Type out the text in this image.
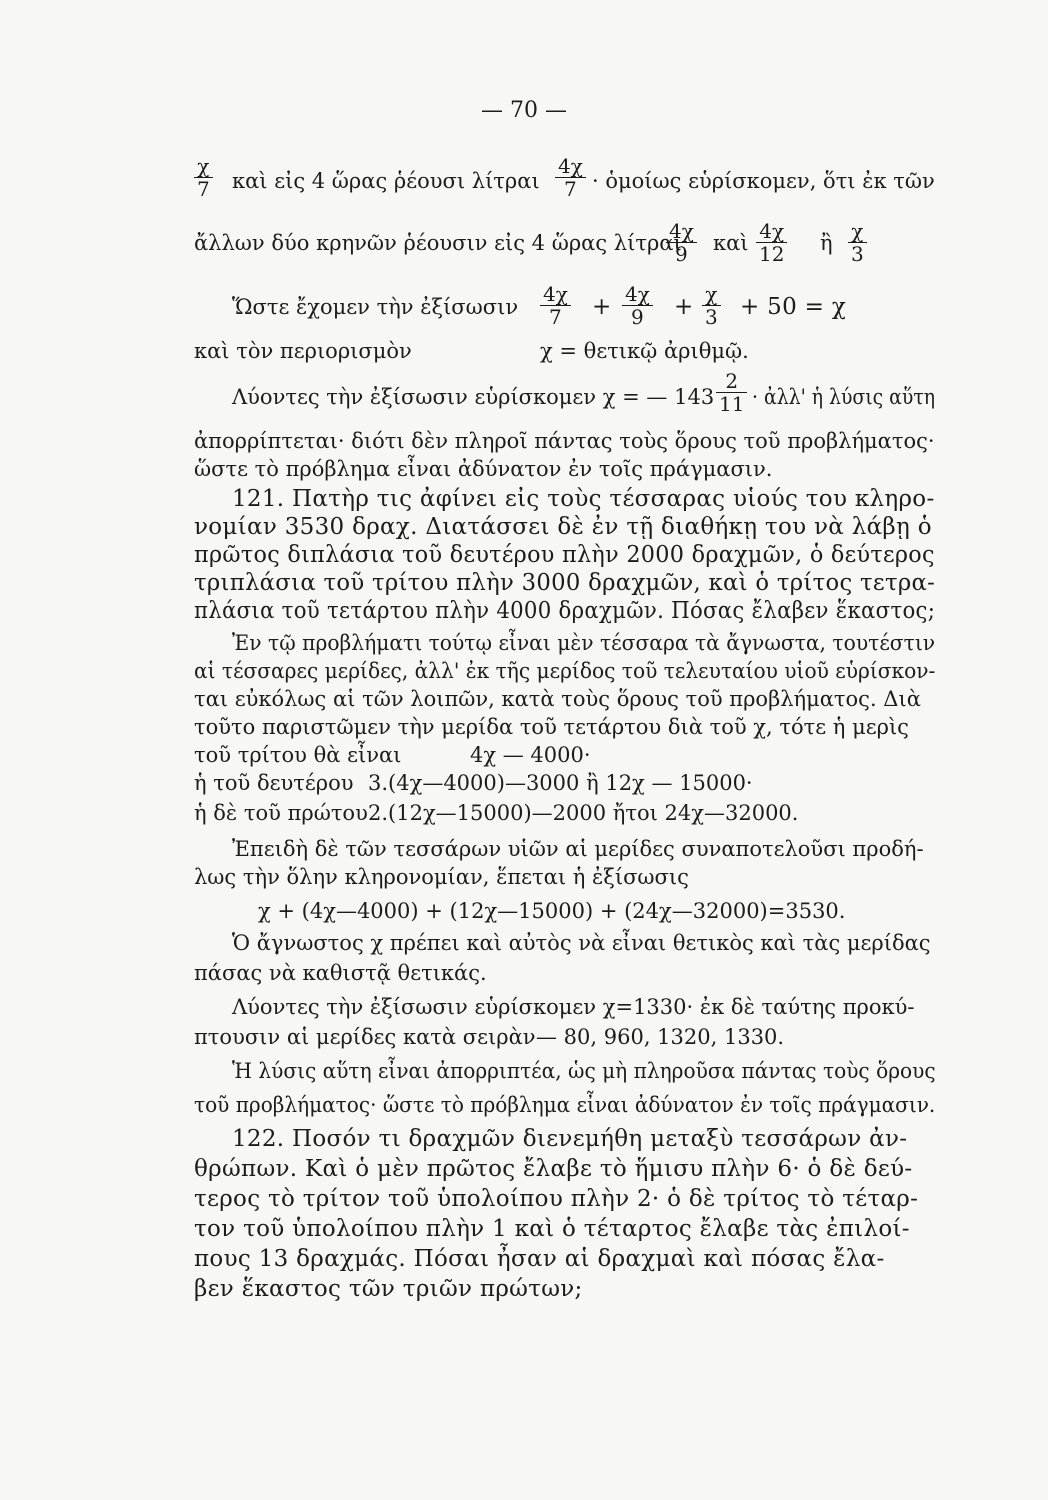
— 70 —
$\frac{\chi}{7}$ καὶ εἰς 4 ὥρας ῥέουσι λίτραι $\frac{4\chi}{7}$ · ὁμοίως εὑρίσκομεν, ὅτι ἐκ τῶν
ἄλλων δύο κρηνῶν ῥέουσιν εἰς 4 ὥρας λίτραι
$\frac{4\chi}{9}$ καὶ $\frac{4\chi}{12}$ ἢ $\frac{\chi}{3}$
Ὥστε ἔχομεν τὴν ἐξίσωσιν $\frac{4\chi}{7} + \frac{4\chi}{9} + \frac{\chi}{3} + 50 = \chi$
καὶ τὸν περιορισμὸν	χ = θετικῷ ἀριθμῷ.
Λύοντες τὴν ἐξίσωσιν εὑρίσκομεν χ = — $143 \frac{2}{11}$ · ἀλλ' ἡ λύσις αὕτη
ἀπορρίπτεται· διότι δὲν πληροῖ πάντας τοὺς ὅρους τοῦ προβλήματος·
ὥστε τὸ πρόβλημα εἶναι ἀδύνατον ἐν τοῖς πράγμασιν.
121. Πατὴρ τις ἀφίνει εἰς τοὺς τέσσαρας υἱούς του κληρο-
νομίαν 3530 δραχ. Διατάσσει δὲ ἐν τῇ διαθήκῃ του νὰ λάβῃ ὁ
πρῶτος διπλάσια τοῦ δευτέρου πλὴν 2000 δραχμῶν, ὁ δεύτερος
τριπλάσια τοῦ τρίτου πλὴν 3000 δραχμῶν, καὶ ὁ τρίτος τετρα-
πλάσια τοῦ τετάρτου πλὴν 4000 δραχμῶν. Πόσας ἔλαβεν ἕκαστος;
Ἐν τῷ προβλήματι τούτῳ εἶναι μὲν τέσσαρα τὰ ἄγνωστα, τουτέστιν
αἱ τέσσαρες μερίδες, ἀλλ' ἐκ τῆς μερίδος τοῦ τελευταίου υἱοῦ εὑρίσκον-
ται εὐκόλως αἱ τῶν λοιπῶν, κατὰ τοὺς ὅρους τοῦ προβλήματος. Διὰ
τοῦτο παριστῶμεν τὴν μερίδα τοῦ τετάρτου διὰ τοῦ χ, τότε ἡ μερὶς
τοῦ τρίτου θὰ εἶναι	4χ — 4000·
ἡ τοῦ δευτέρου 3.(4χ—4000)—3000 ἢ 12χ — 15000·
ἡ δὲ τοῦ πρώτου 2.(12χ—15000)—2000 ἤτοι 24χ—32000.
Ἐπειδὴ δὲ τῶν τεσσάρων υἱῶν αἱ μερίδες συναποτελοῦσι προδή-
λως τὴν ὅλην κληρονομίαν, ἕπεται ἡ ἐξίσωσις
χ + (4χ—4000) + (12χ—15000) + (24χ—32000)=3530.
Ὁ ἄγνωστος χ πρέπει καὶ αὐτὸς νὰ εἶναι θετικὸς καὶ τὰς μερίδας
πάσας νὰ καθιστᾷ θετικάς.
Λύοντες τὴν ἐξίσωσιν εὑρίσκομεν χ=1330· ἐκ δὲ ταύτης προκύ-
πτουσιν αἱ μερίδες κατὰ σειρὰν — 80, 960, 1320, 1330.
Ἡ λύσις αὕτη εἶναι ἀπορριπτέα, ὡς μὴ πληροῦσα πάντας τοὺς ὅρους
τοῦ προβλήματος· ὥστε τὸ πρόβλημα εἶναι ἀδύνατον ἐν τοῖς πράγμασιν.
122. Ποσόν τι δραχμῶν διενεμήθη μεταξὺ τεσσάρων ἀν-
θρώπων. Καὶ ὁ μὲν πρῶτος ἔλαβε τὸ ἥμισυ πλὴν 6· ὁ δὲ δεύ-
τερος τὸ τρίτον τοῦ ὑπολοίπου πλὴν 2· ὁ δὲ τρίτος τὸ τέταρ-
τον τοῦ ὑπολοίπου πλὴν 1 καὶ ὁ τέταρτος ἔλαβε τὰς ἐπιλοί-
πους 13 δραχμάς. Πόσαι ἦσαν αἱ δραχμαὶ καὶ πόσας ἔλα-
βεν ἕκαστος τῶν τριῶν πρώτων;
